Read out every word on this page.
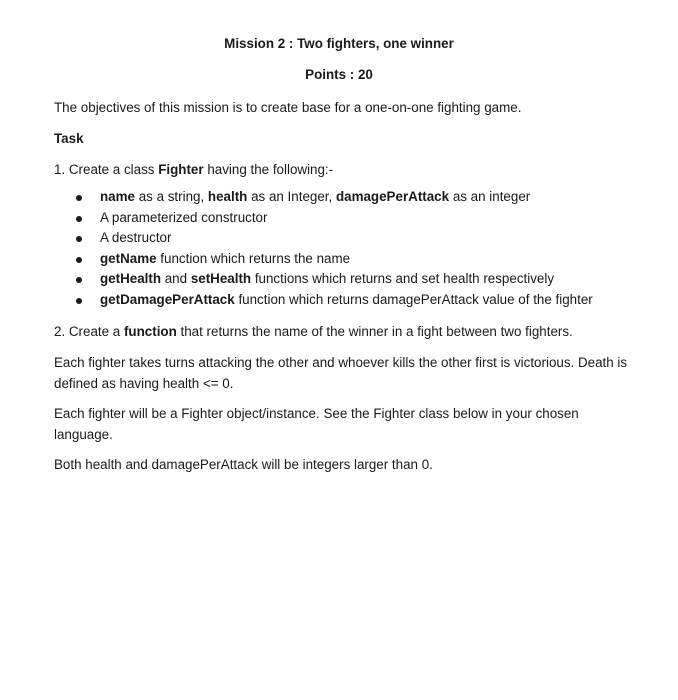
Mission 2 : Two fighters, one winner
Points : 20

The objectives of this mission is to create base for a one-on-one fighting game.

Task

1. Create a class Fighter having the following:-

name as a string, health as an Integer, damagePerAttack as an integer
A parameterized constructor
A destructor
getName function which returns the name
getHealth and setHealth functions which returns and set health respectively
getDamagePerAttack function which returns damagePerAttack value of the fighter

2. Create a function that returns the name of the winner in a fight between two fighters.

Each fighter takes turns attacking the other and whoever kills the other first is victorious. Death is defined as having health <= 0.

Each fighter will be a Fighter object/instance. See the Fighter class below in your chosen language.

Both health and damagePerAttack will be integers larger than 0.
